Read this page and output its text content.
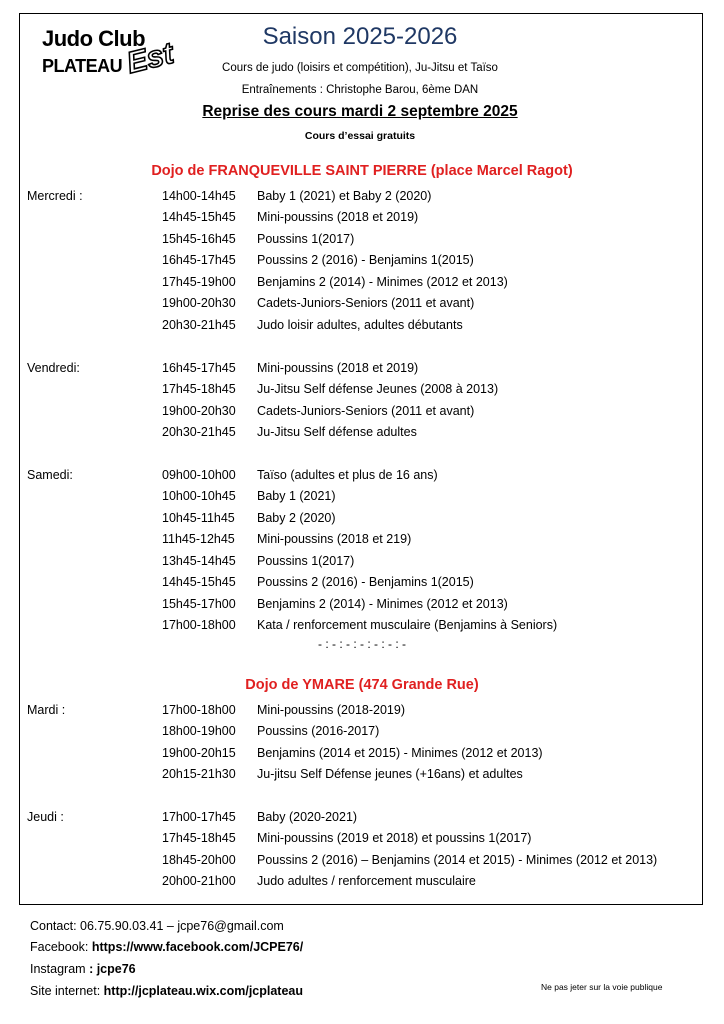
Judo Club
PLATEAU Est
Saison 2025-2026
Cours de judo (loisirs et compétition), Ju-Jitsu et Taïso
Entraînements : Christophe Barou, 6ème DAN
Reprise des cours mardi 2 septembre 2025
Cours d’essai gratuits
Dojo de FRANQUEVILLE SAINT PIERRE (place Marcel Ragot)
Mercredi :	14h00-14h45 Baby 1 (2021) et Baby 2 (2020)
14h45-15h45 Mini-poussins (2018 et 2019)
15h45-16h45 Poussins 1(2017)
16h45-17h45 Poussins 2 (2016) - Benjamins 1(2015)
17h45-19h00 Benjamins 2 (2014) - Minimes (2012 et 2013)
19h00-20h30 Cadets-Juniors-Seniors (2011 et avant)
20h30-21h45 Judo loisir adultes, adultes débutants
Vendredi:	16h45-17h45 Mini-poussins (2018 et 2019)
17h45-18h45 Ju-Jitsu Self défense Jeunes (2008 à 2013)
19h00-20h30 Cadets-Juniors-Seniors (2011 et avant)
20h30-21h45 Ju-Jitsu Self défense adultes
Samedi:	09h00-10h00 Taïso (adultes et plus de 16 ans)
10h00-10h45 Baby 1 (2021)
10h45-11h45 Baby 2 (2020)
11h45-12h45 Mini-poussins (2018 et 219)
13h45-14h45 Poussins 1(2017)
14h45-15h45 Poussins 2 (2016) - Benjamins 1(2015)
15h45-17h00 Benjamins 2 (2014) - Minimes (2012 et 2013)
17h00-18h00 Kata / renforcement musculaire (Benjamins à Seniors)
- : - : - : - : - : - : -
Dojo de YMARE (474 Grande Rue)
Mardi :	17h00-18h00 Mini-poussins (2018-2019)
18h00-19h00 Poussins (2016-2017)
19h00-20h15 Benjamins (2014 et 2015) - Minimes (2012 et 2013)
20h15-21h30 Ju-jitsu Self Défense jeunes (+16ans) et adultes
Jeudi :	17h00-17h45 Baby (2020-2021)
17h45-18h45 Mini-poussins (2019 et 2018) et poussins 1(2017)
18h45-20h00 Poussins 2 (2016) – Benjamins (2014 et 2015) - Minimes (2012 et 2013)
20h00-21h00 Judo adultes / renforcement musculaire
Contact: 06.75.90.03.41 – jcpe76@gmail.com
Facebook: https://www.facebook.com/JCPE76/
Instagram : jcpe76
Site internet: http://jcplateau.wix.com/jcplateau	Ne pas jeter sur la voie publique
